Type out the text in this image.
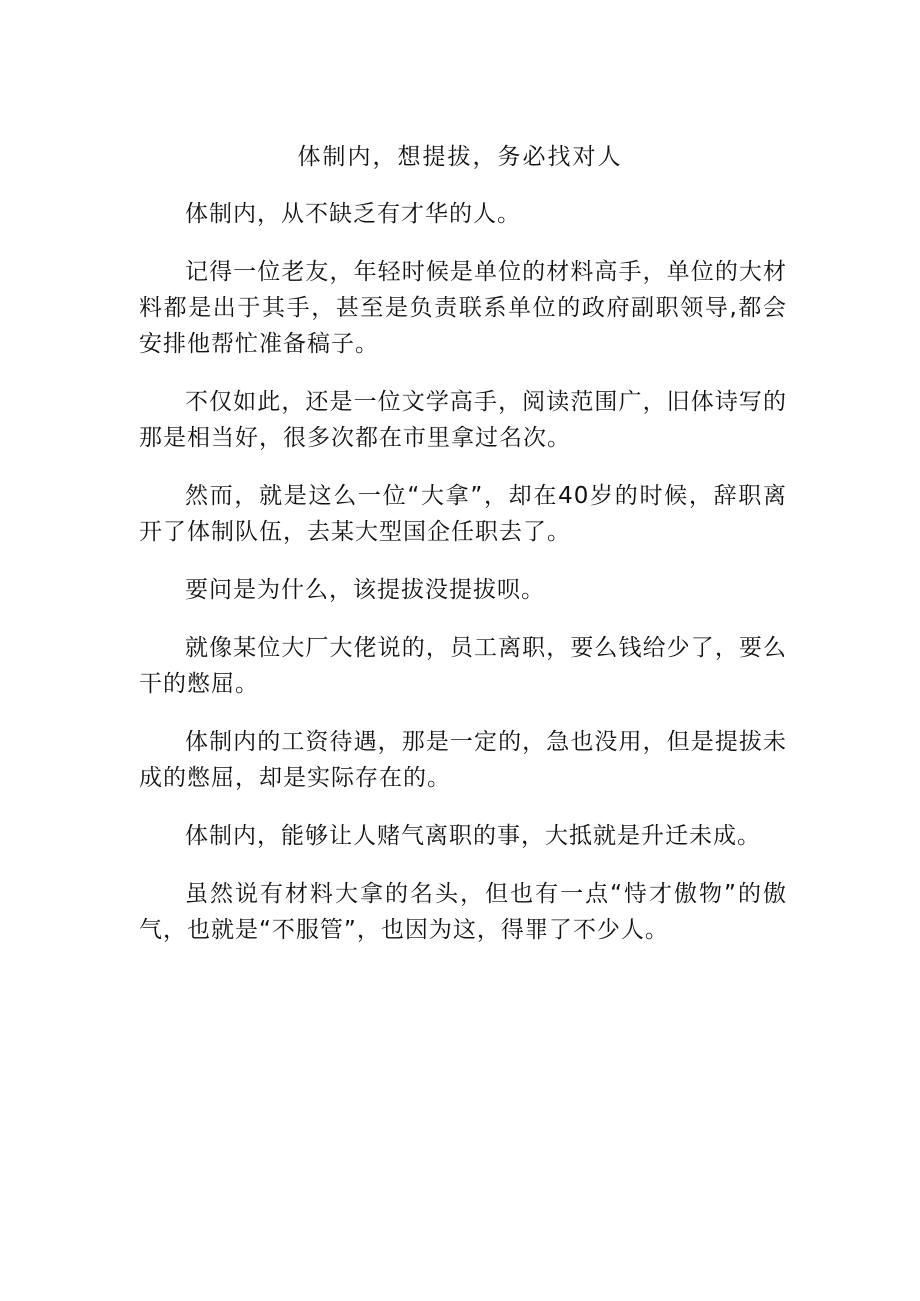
体制内，想提拔，务必找对人

体制内，从不缺乏有才华的人。

记得一位老友，年轻时候是单位的材料高手，单位的大材料都是出于其手，甚至是负责联系单位的政府副职领导,都会安排他帮忙准备稿子。

不仅如此，还是一位文学高手，阅读范围广，旧体诗写的那是相当好，很多次都在市里拿过名次。

然而，就是这么一位“大拿”，却在40岁的时候，辞职离开了体制队伍，去某大型国企任职去了。

要问是为什么，该提拔没提拔呗。

就像某位大厂大佬说的，员工离职，要么钱给少了，要么干的憋屈。

体制内的工资待遇，那是一定的，急也没用，但是提拔未成的憋屈，却是实际存在的。

体制内，能够让人赌气离职的事，大抵就是升迁未成。

虽然说有材料大拿的名头，但也有一点“恃才傲物”的傲气，也就是“不服管”，也因为这，得罪了不少人。
